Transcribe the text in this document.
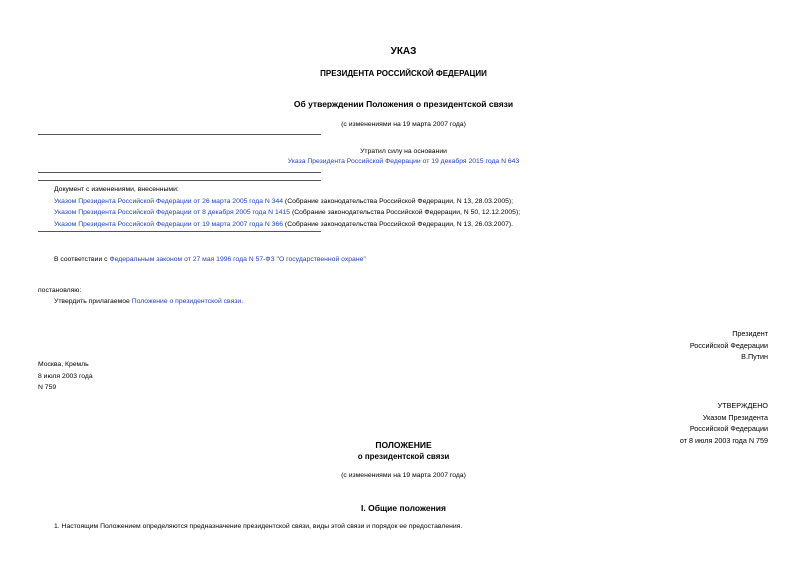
УКАЗ
ПРЕЗИДЕНТА РОССИЙСКОЙ ФЕДЕРАЦИИ
Об утверждении Положения о президентской связи
(с изменениями на 19 марта 2007 года)
Утратил силу на основании
Указа Президента Российской Федерации от 19 декабря 2015 года N 643
Документ с изменениями, внесенными:
Указом Президента Российской Федерации от 26 марта 2005 года N 344 (Собрание законодательства Российской Федерации, N 13, 28.03.2005);
Указом Президента Российской Федерации от 8 декабря 2005 года N 1415 (Собрание законодательства Российской Федерации, N 50, 12.12.2005);
Указом Президента Российской Федерации от 19 марта 2007 года N 366 (Собрание законодательства Российской Федерации, N 13, 26.03.2007).
В соответствии с Федеральным законом от 27 мая 1996 года N 57-ФЗ "О государственной охране"
постановляю:
Утвердить прилагаемое Положение о президентской связи.
Президент
Российской Федерации
В.Путин
Москва, Кремль
8 июля 2003 года
N 759
УТВЕРЖДЕНО
Указом Президента
Российской Федерации
от 8 июля 2003 года N 759
ПОЛОЖЕНИЕ
о президентской связи
(с изменениями на 19 марта 2007 года)
I. Общие положения
1. Настоящим Положением определяются предназначение президентской связи, виды этой связи и порядок ее предоставления.
